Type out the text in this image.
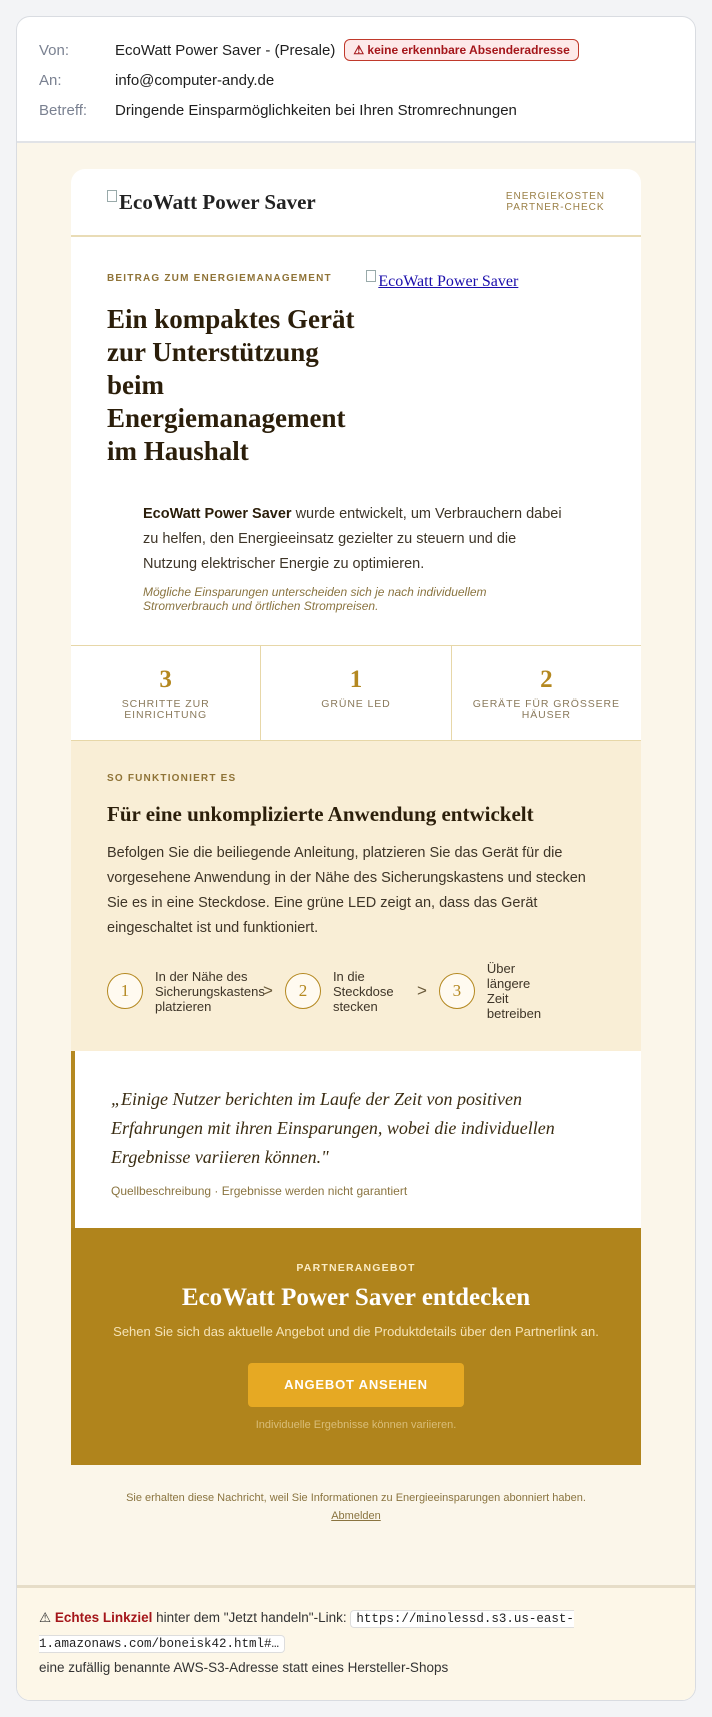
Von:	EcoWatt Power Saver - (Presale)	⚠ keine erkennbare Absenderadresse
An:	info@computer-andy.de
Betreff:	Dringende Einsparmöglichkeiten bei Ihren Stromrechnungen
EcoWatt Power Saver	ENERGIEKOSTEN
PARTNER-CHECK
BEITRAG ZUM ENERGIEMANAGEMENT
Ein kompaktes Gerät zur Unterstützung beim Energiemanagement im Haushalt
EcoWatt Power Saver

EcoWatt Power Saver wurde entwickelt, um Verbrauchern dabei zu helfen, den Energieeinsatz gezielter zu steuern und die Nutzung elektrischer Energie zu optimieren.

Mögliche Einsparungen unterscheiden sich je nach individuellem Stromverbrauch und örtlichen Strompreisen.
3
SCHRITTE ZUR EINRICHTUNG
1
GRÜNE LED
2
GERÄTE FÜR GRÖSSERE HÄUSER
SO FUNKTIONIERT ES
Für eine unkomplizierte Anwendung entwickelt

Befolgen Sie die beiliegende Anleitung, platzieren Sie das Gerät für die vorgesehene Anwendung in der Nähe des Sicherungskastens und stecken Sie es in eine Steckdose. Eine grüne LED zeigt an, dass das Gerät eingeschaltet ist und funktioniert.

1
In der Nähe des Sicherungskastens platzieren
>	2
In die Steckdose stecken
>	3
Über längere Zeit betreiben
„Einige Nutzer berichten im Laufe der Zeit von positiven Erfahrungen mit ihren Einsparungen, wobei die individuellen Ergebnisse variieren können."
Quellbeschreibung · Ergebnisse werden nicht garantiert
PARTNERANGEBOT
EcoWatt Power Saver entdecken
Sehen Sie sich das aktuelle Angebot und die Produktdetails über den Partnerlink an.
ANGEBOT ANSEHEN
Individuelle Ergebnisse können variieren.
Sie erhalten diese Nachricht, weil Sie Informationen zu Energieeinsparungen abonniert haben.
Abmelden
⚠ Echtes Linkziel hinter dem "Jetzt handeln"-Link: https://minolessd.s3.us-east-1.amazonaws.com/boneisk42.html#…
eine zufällig benannte AWS-S3-Adresse statt eines Hersteller-Shops
